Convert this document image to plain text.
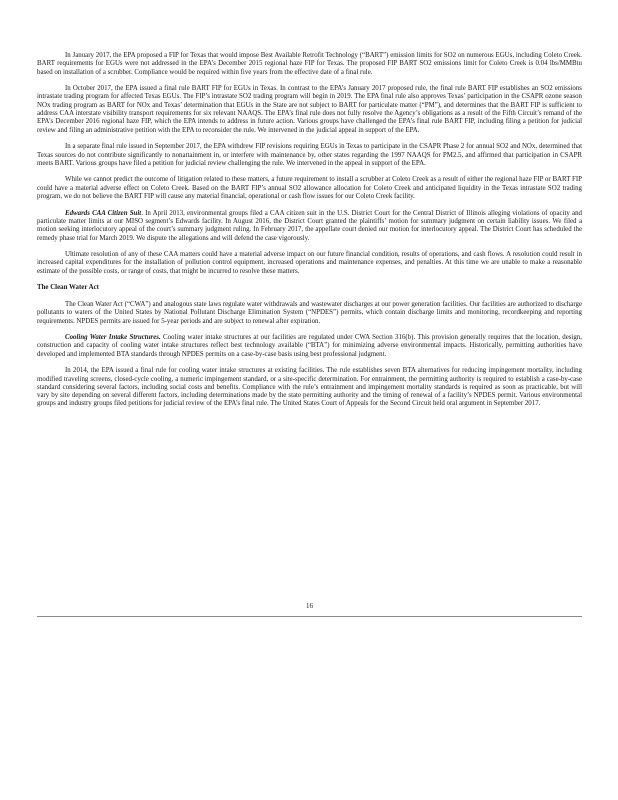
In January 2017, the EPA proposed a FIP for Texas that would impose Best Available Retrofit Technology (“BART”) emission limits for SO2 on numerous EGUs, including Coleto Creek. BART requirements for EGUs were not addressed in the EPA’s December 2015 regional haze FIP for Texas. The proposed FIP BART SO2 emissions limit for Coleto Creek is 0.04 lbs/MMBtu based on installation of a scrubber. Compliance would be required within five years from the effective date of a final rule.

In October 2017, the EPA issued a final rule BART FIP for EGUs in Texas. In contrast to the EPA’s January 2017 proposed rule, the final rule BART FIP establishes an SO2 emissions intrastate trading program for affected Texas EGUs. The FIP’s intrastate SO2 trading program will begin in 2019. The EPA final rule also approves Texas’ participation in the CSAPR ozone season NOx trading program as BART for NOx and Texas’ determination that EGUs in the State are not subject to BART for particulate matter (“PM”), and determines that the BART FIP is sufficient to address CAA interstate visibility transport requirements for six relevant NAAQS. The EPA’s final rule does not fully resolve the Agency’s obligations as a result of the Fifth Circuit’s remand of the EPA’s December 2016 regional haze FIP, which the EPA intends to address in future action. Various groups have challenged the EPA’s final rule BART FIP, including filing a petition for judicial review and filing an administrative petition with the EPA to reconsider the rule. We intervened in the judicial appeal in support of the EPA.

In a separate final rule issued in September 2017, the EPA withdrew FIP revisions requiring EGUs in Texas to participate in the CSAPR Phase 2 for annual SO2 and NOx, determined that Texas sources do not contribute significantly to nonattainment in, or interfere with maintenance by, other states regarding the 1997 NAAQS for PM2.5, and affirmed that participation in CSAPR meets BART. Various groups have filed a petition for judicial review challenging the rule. We intervened in the appeal in support of the EPA.

While we cannot predict the outcome of litigation related to these matters, a future requirement to install a scrubber at Coleto Creek as a result of either the regional haze FIP or BART FIP could have a material adverse effect on Coleto Creek. Based on the BART FIP’s annual SO2 allowance allocation for Coleto Creek and anticipated liquidity in the Texas intrastate SO2 trading program, we do not believe the BART FIP will cause any material financial, operational or cash flow issues for our Coleto Creek facility.

Edwards CAA Citizen Suit. In April 2013, environmental groups filed a CAA citizen suit in the U.S. District Court for the Central District of Illinois alleging violations of opacity and particulate matter limits at our MISO segment’s Edwards facility. In August 2016, the District Court granted the plaintiffs’ motion for summary judgment on certain liability issues. We filed a motion seeking interlocutory appeal of the court’s summary judgment ruling. In February 2017, the appellate court denied our motion for interlocutory appeal. The District Court has scheduled the remedy phase trial for March 2019. We dispute the allegations and will defend the case vigorously.

Ultimate resolution of any of these CAA matters could have a material adverse impact on our future financial condition, results of operations, and cash flows. A resolution could result in increased capital expenditures for the installation of pollution control equipment, increased operations and maintenance expenses, and penalties. At this time we are unable to make a reasonable estimate of the possible costs, or range of costs, that might be incurred to resolve these matters.

The Clean Water Act

The Clean Water Act (“CWA”) and analogous state laws regulate water withdrawals and wastewater discharges at our power generation facilities. Our facilities are authorized to discharge pollutants to waters of the United States by National Pollutant Discharge Elimination System (“NPDES”) permits, which contain discharge limits and monitoring, recordkeeping and reporting requirements. NPDES permits are issued for 5-year periods and are subject to renewal after expiration.

Cooling Water Intake Structures. Cooling water intake structures at our facilities are regulated under CWA Section 316(b). This provision generally requires that the location, design, construction and capacity of cooling water intake structures reflect best technology available (“BTA”) for minimizing adverse environmental impacts. Historically, permitting authorities have developed and implemented BTA standards through NPDES permits on a case-by-case basis using best professional judgment.

In 2014, the EPA issued a final rule for cooling water intake structures at existing facilities. The rule establishes seven BTA alternatives for reducing impingement mortality, including modified traveling screens, closed-cycle cooling, a numeric impingement standard, or a site-specific determination. For entrainment, the permitting authority is required to establish a case-by-case standard considering several factors, including social costs and benefits. Compliance with the rule’s entrainment and impingement mortality standards is required as soon as practicable, but will vary by site depending on several different factors, including determinations made by the state permitting authority and the timing of renewal of a facility’s NPDES permit. Various environmental groups and industry groups filed petitions for judicial review of the EPA’s final rule. The United States Court of Appeals for the Second Circuit held oral argument in September 2017.

16
